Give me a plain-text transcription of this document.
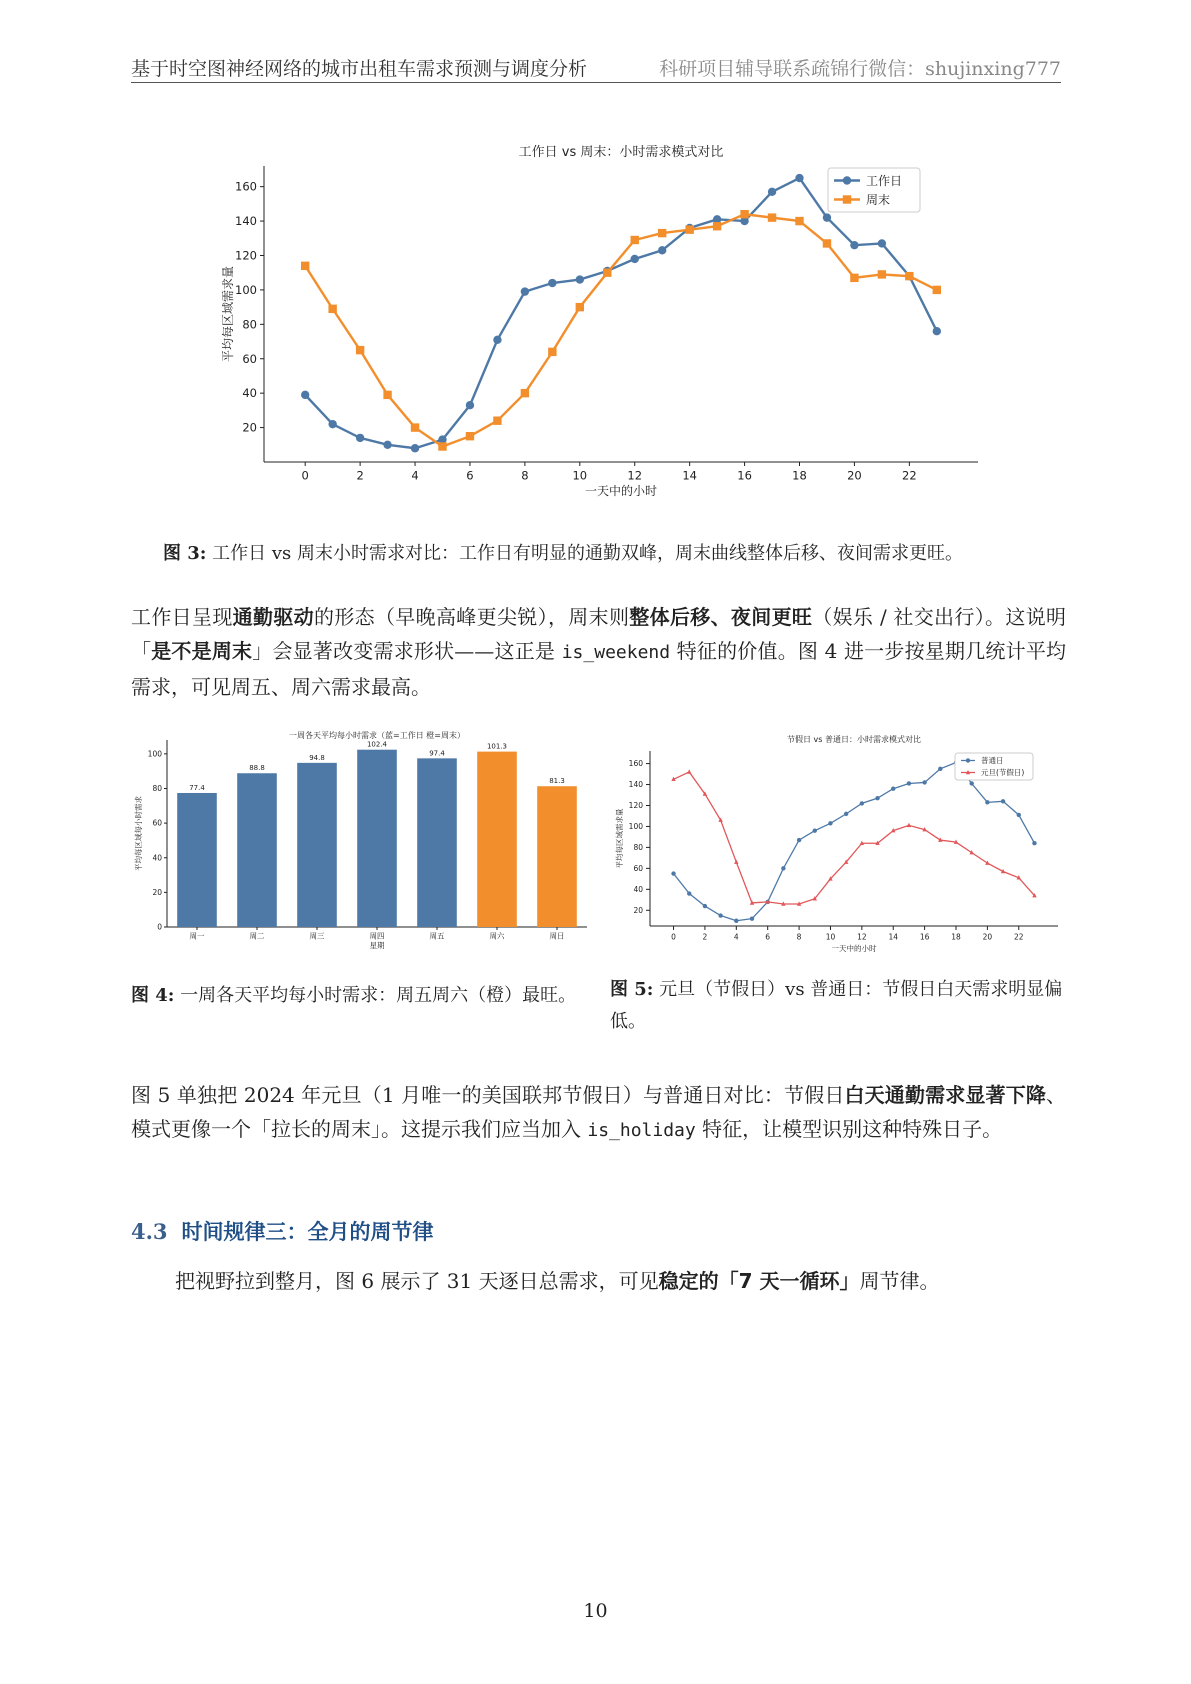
基于时空图神经网络的城市出租车需求预测与调度分析	科研项目辅导联系疏锦行微信：shujinxing777
工作日 vs 周末：小时需求模式对比
0	2	4	6	8	10	12	14	16	18	20	22
20
40
60
80
100
120
140
160
一天中的小时
平均每区域需求量
工作日
周末
图 3: 工作日 vs 周末小时需求对比：工作日有明显的通勤双峰，周末曲线整体后移、夜间需求更旺。
工作日呈现通勤驱动的形态（早晚高峰更尖锐），周末则整体后移、夜间更旺（娱乐 / 社交出行）。这说明「是不是周末」会显著改变需求形状——这正是 is_weekend 特征的价值。图 4 进一步按星期几统计平均需求，可见周五、周六需求最高。
一周各天平均每小时需求（蓝=工作日 橙=周末）
0
20
40
60
80
100
77.4
周一
88.8
周二
94.8
周三
102.4
周四
97.4
周五
101.3
周六
81.3
周日
星期
平均每区域每小时需求
图 4: 一周各天平均每小时需求：周五周六（橙）最旺。
节假日 vs 普通日：小时需求模式对比
0	2	4	6	8	10	12	14	16	18	20	22
20
40
60
80
100
120
140
160
一天中的小时
平均每区域需求量
普通日
元旦(节假日)
图 5: 元旦（节假日）vs 普通日：节假日白天需求明显偏低。
图 5 单独把 2024 年元旦（1 月唯一的美国联邦节假日）与普通日对比：节假日白天通勤需求显著下降、模式更像一个「拉长的周末」。这提示我们应当加入 is_holiday 特征，让模型识别这种特殊日子。
4.3 时间规律三：全月的周节律
把视野拉到整月，图 6 展示了 31 天逐日总需求，可见稳定的「7 天一循环」周节律。
10
